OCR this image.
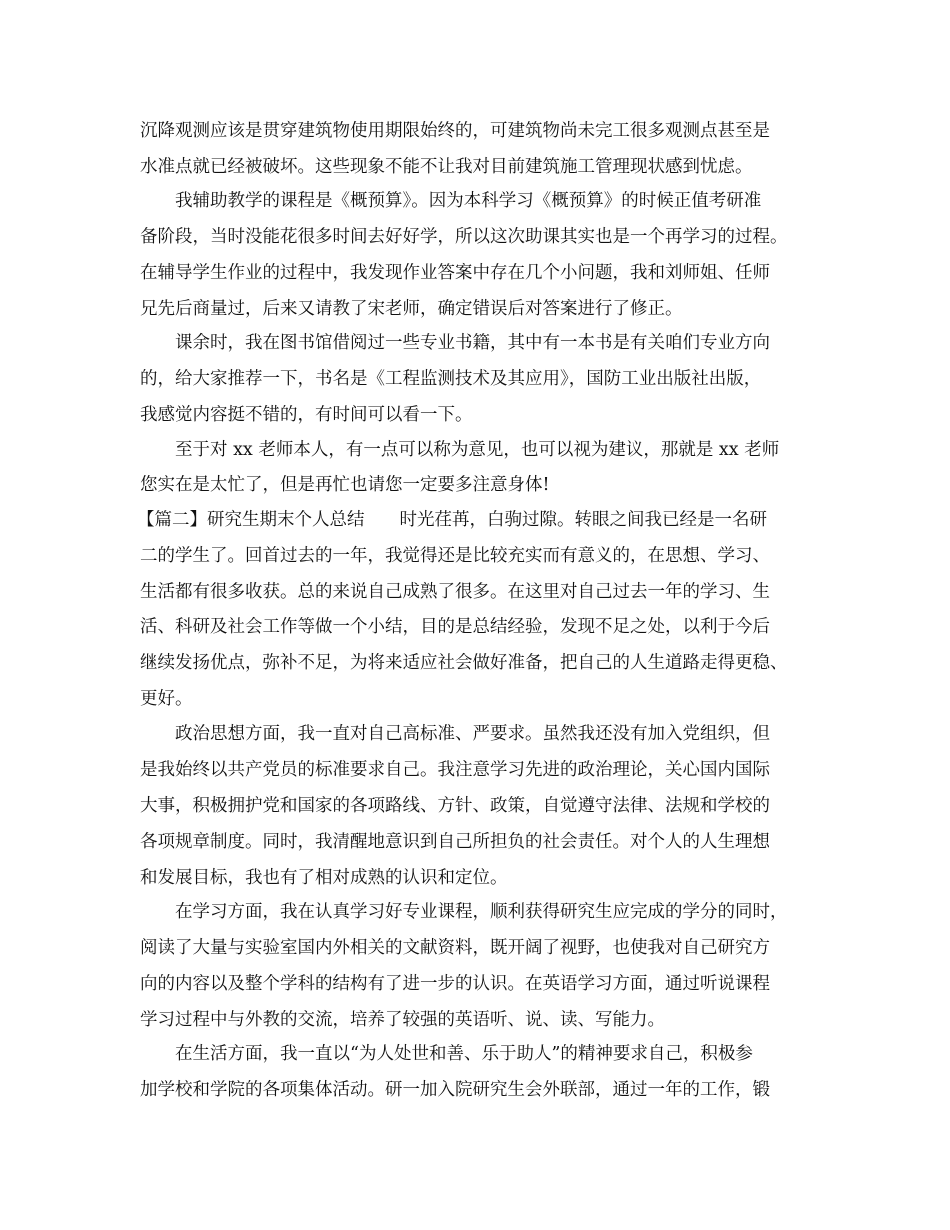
沉降观测应该是贯穿建筑物使用期限始终的，可建筑物尚未完工很多观测点甚至是
水准点就已经被破坏。这些现象不能不让我对目前建筑施工管理现状感到忧虑。
我辅助教学的课程是《概预算》。因为本科学习《概预算》的时候正值考研准
备阶段，当时没能花很多时间去好好学，所以这次助课其实也是一个再学习的过程。
在辅导学生作业的过程中，我发现作业答案中存在几个小问题，我和刘师姐、任师
兄先后商量过，后来又请教了宋老师，确定错误后对答案进行了修正。
课余时，我在图书馆借阅过一些专业书籍，其中有一本书是有关咱们专业方向
的，给大家推荐一下，书名是《工程监测技术及其应用》，国防工业出版社出版，
我感觉内容挺不错的，有时间可以看一下。
至于对 xx 老师本人，有一点可以称为意见，也可以视为建议，那就是 xx 老师
您实在是太忙了，但是再忙也请您一定要多注意身体!
【篇二】研究生期末个人总结　　时光荏苒，白驹过隙。转眼之间我已经是一名研
二的学生了。回首过去的一年，我觉得还是比较充实而有意义的，在思想、学习、
生活都有很多收获。总的来说自己成熟了很多。在这里对自己过去一年的学习、生
活、科研及社会工作等做一个小结，目的是总结经验，发现不足之处，以利于今后
继续发扬优点，弥补不足，为将来适应社会做好准备，把自己的人生道路走得更稳、
更好。
政治思想方面，我一直对自己高标准、严要求。虽然我还没有加入党组织，但
是我始终以共产党员的标准要求自己。我注意学习先进的政治理论，关心国内国际
大事，积极拥护党和国家的各项路线、方针、政策，自觉遵守法律、法规和学校的
各项规章制度。同时，我清醒地意识到自己所担负的社会责任。对个人的人生理想
和发展目标，我也有了相对成熟的认识和定位。
在学习方面，我在认真学习好专业课程，顺利获得研究生应完成的学分的同时，
阅读了大量与实验室国内外相关的文献资料，既开阔了视野，也使我对自己研究方
向的内容以及整个学科的结构有了进一步的认识。在英语学习方面，通过听说课程
学习过程中与外教的交流，培养了较强的英语听、说、读、写能力。
在生活方面，我一直以“为人处世和善、乐于助人”的精神要求自己，积极参
加学校和学院的各项集体活动。研一加入院研究生会外联部，通过一年的工作，锻
